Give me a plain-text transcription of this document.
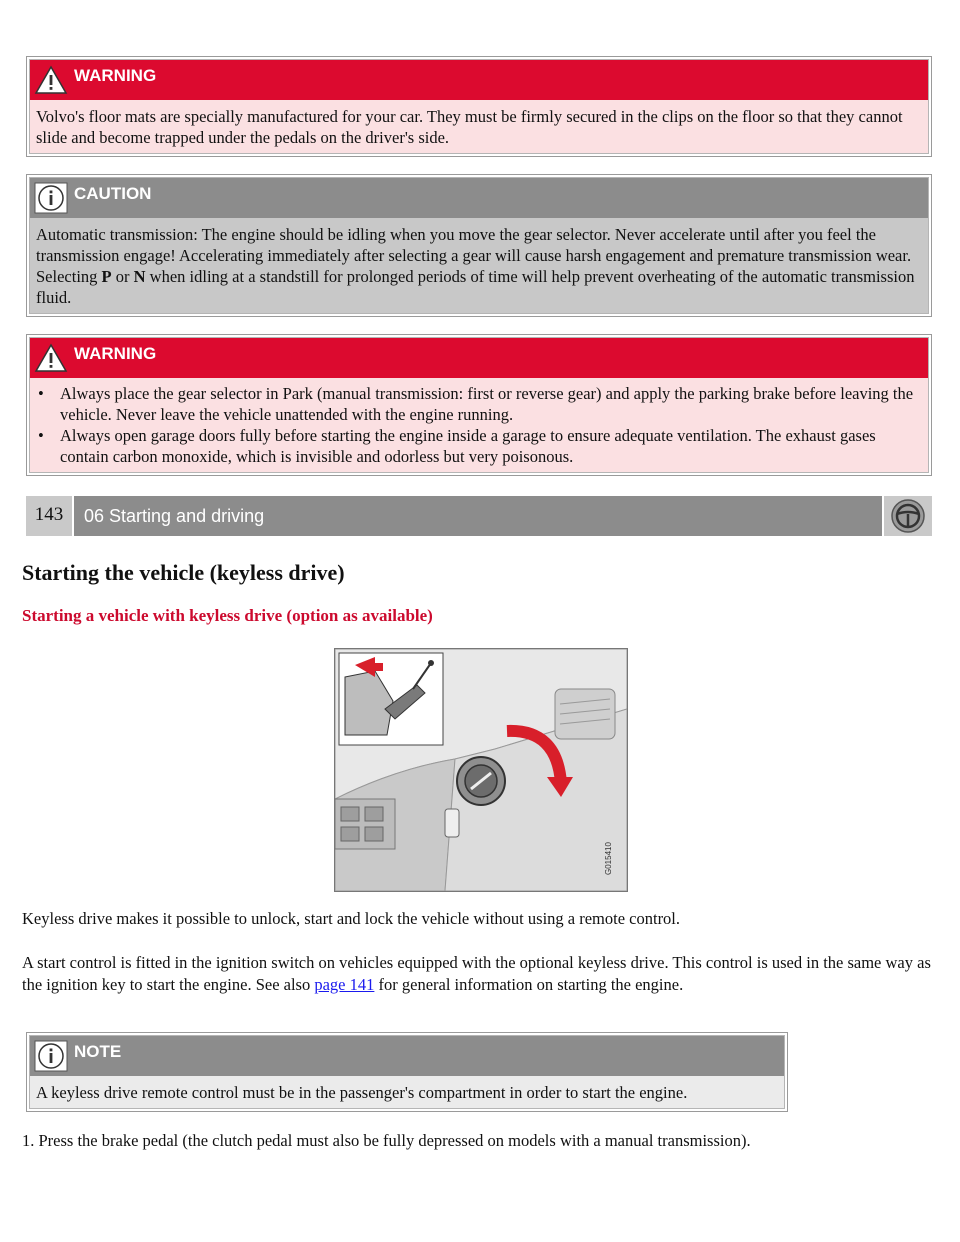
WARNING
Volvo's floor mats are specially manufactured for your car. They must be firmly secured in the clips on the floor so that they cannot slide and become trapped under the pedals on the driver's side.
CAUTION
Automatic transmission: The engine should be idling when you move the gear selector. Never accelerate until after you feel the transmission engage! Accelerating immediately after selecting a gear will cause harsh engagement and premature transmission wear. Selecting P or N when idling at a standstill for prolonged periods of time will help prevent overheating of the automatic transmission fluid.
WARNING
• Always place the gear selector in Park (manual transmission: first or reverse gear) and apply the parking brake before leaving the vehicle. Never leave the vehicle unattended with the engine running.
• Always open garage doors fully before starting the engine inside a garage to ensure adequate ventilation. The exhaust gases contain carbon monoxide, which is invisible and odorless but very poisonous.
143	06 Starting and driving
Starting the vehicle (keyless drive)
Starting a vehicle with keyless drive (option as available)
G015410

Keyless drive makes it possible to unlock, start and lock the vehicle without using a remote control.

A start control is fitted in the ignition switch on vehicles equipped with the optional keyless drive. This control is used in the same way as the ignition key to start the engine. See also page 141 for general information on starting the engine.

NOTE
A keyless drive remote control must be in the passenger's compartment in order to start the engine.

1. Press the brake pedal (the clutch pedal must also be fully depressed on models with a manual transmission).
